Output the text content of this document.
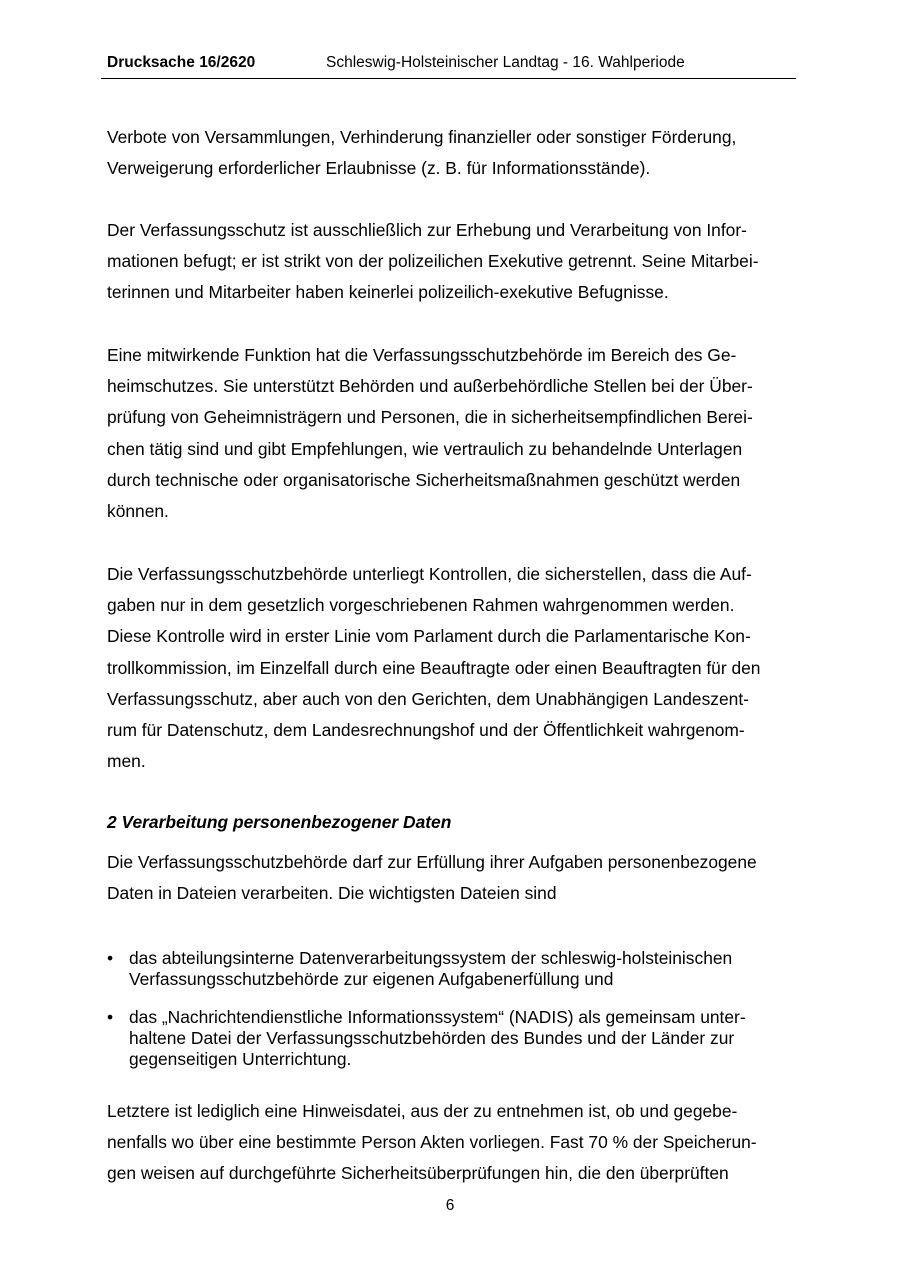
Drucksache 16/2620	Schleswig-Holsteinischer Landtag - 16. Wahlperiode
Verbote von Versammlungen, Verhinderung finanzieller oder sonstiger Förderung,
Verweigerung erforderlicher Erlaubnisse (z. B. für Informationsstände).
Der Verfassungsschutz ist ausschließlich zur Erhebung und Verarbeitung von Infor-
mationen befugt; er ist strikt von der polizeilichen Exekutive getrennt. Seine Mitarbei-
terinnen und Mitarbeiter haben keinerlei polizeilich-exekutive Befugnisse.
Eine mitwirkende Funktion hat die Verfassungsschutzbehörde im Bereich des Ge-
heimschutzes. Sie unterstützt Behörden und außerbehördliche Stellen bei der Über-
prüfung von Geheimnisträgern und Personen, die in sicherheitsempfindlichen Berei-
chen tätig sind und gibt Empfehlungen, wie vertraulich zu behandelnde Unterlagen
durch technische oder organisatorische Sicherheitsmaßnahmen geschützt werden
können.
Die Verfassungsschutzbehörde unterliegt Kontrollen, die sicherstellen, dass die Auf-
gaben nur in dem gesetzlich vorgeschriebenen Rahmen wahrgenommen werden.
Diese Kontrolle wird in erster Linie vom Parlament durch die Parlamentarische Kon-
trollkommission, im Einzelfall durch eine Beauftragte oder einen Beauftragten für den
Verfassungsschutz, aber auch von den Gerichten, dem Unabhängigen Landeszent-
rum für Datenschutz, dem Landesrechnungshof und der Öffentlichkeit wahrgenom-
men.
2 Verarbeitung personenbezogener Daten
Die Verfassungsschutzbehörde darf zur Erfüllung ihrer Aufgaben personenbezogene
Daten in Dateien verarbeiten. Die wichtigsten Dateien sind
• das abteilungsinterne Datenverarbeitungssystem der schleswig-holsteinischen
Verfassungsschutzbehörde zur eigenen Aufgabenerfüllung und
• das „Nachrichtendienstliche Informationssystem“ (NADIS) als gemeinsam unter-
haltene Datei der Verfassungsschutzbehörden des Bundes und der Länder zur
gegenseitigen Unterrichtung.
Letztere ist lediglich eine Hinweisdatei, aus der zu entnehmen ist, ob und gegebe-
nenfalls wo über eine bestimmte Person Akten vorliegen. Fast 70 % der Speicherun-
gen weisen auf durchgeführte Sicherheitsüberprüfungen hin, die den überprüften
6
